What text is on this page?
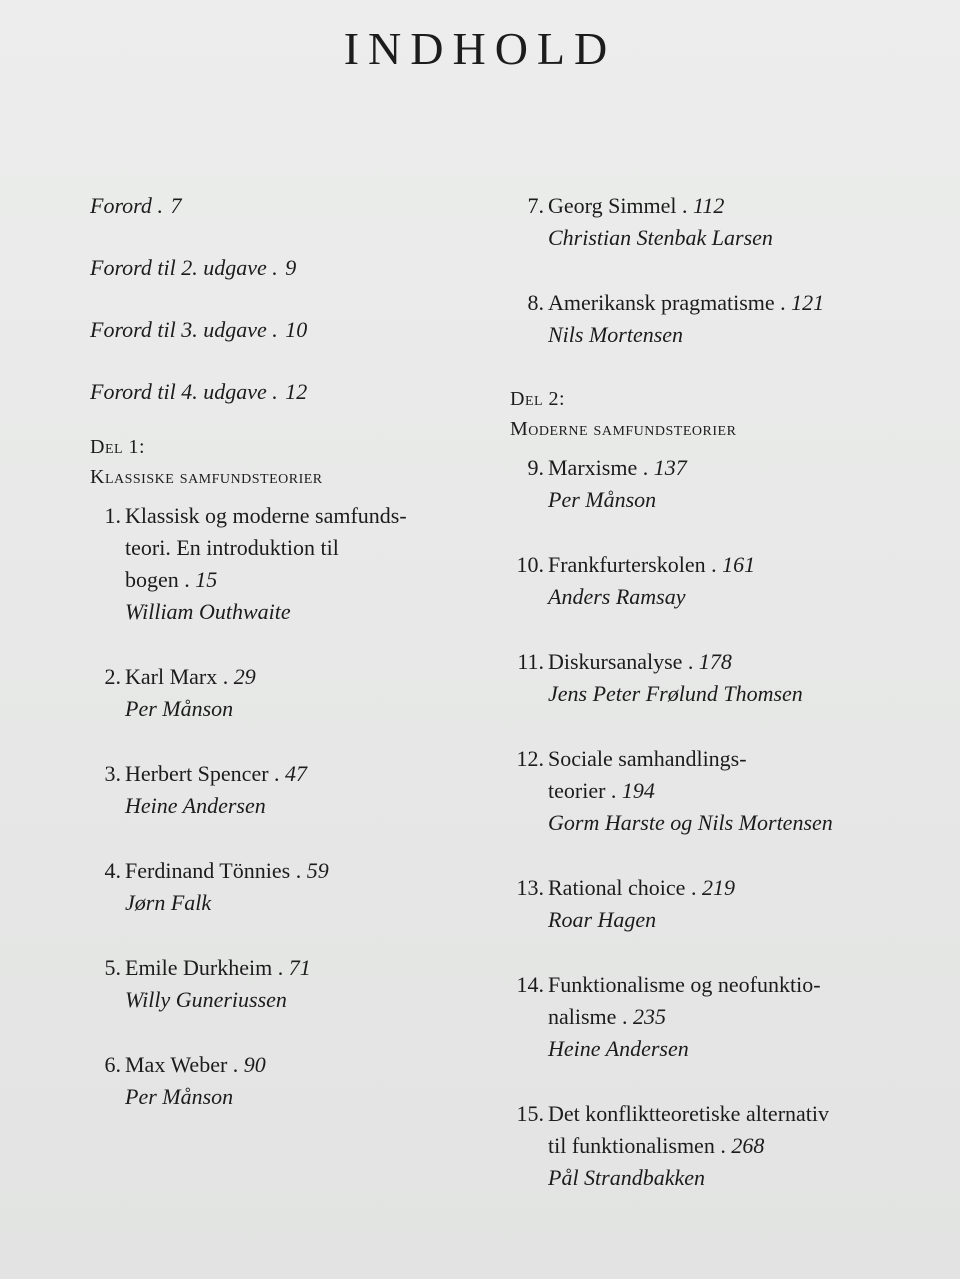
INDHOLD
Forord . 7
Forord til 2. udgave . 9
Forord til 3. udgave . 10
Forord til 4. udgave . 12
Del 1:
Klassiske samfundsteorier
1. Klassisk og moderne samfunds-
teori. En introduktion til
bogen . 15
William Outhwaite
2. Karl Marx . 29
Per Månson
3. Herbert Spencer . 47
Heine Andersen
4. Ferdinand Tönnies . 59
Jørn Falk
5. Emile Durkheim . 71
Willy Guneriussen
6. Max Weber . 90
Per Månson
7. Georg Simmel . 112
Christian Stenbak Larsen
8. Amerikansk pragmatisme . 121
Nils Mortensen
Del 2:
Moderne samfundsteorier
9. Marxisme . 137
Per Månson
10. Frankfurterskolen . 161
Anders Ramsay
11. Diskursanalyse . 178
Jens Peter Frølund Thomsen
12. Sociale samhandlings-
teorier . 194
Gorm Harste og Nils Mortensen
13. Rational choice . 219
Roar Hagen
14. Funktionalisme og neofunktio-
nalisme . 235
Heine Andersen
15. Det konfliktteoretiske alternativ
til funktionalismen . 268
Pål Strandbakken
